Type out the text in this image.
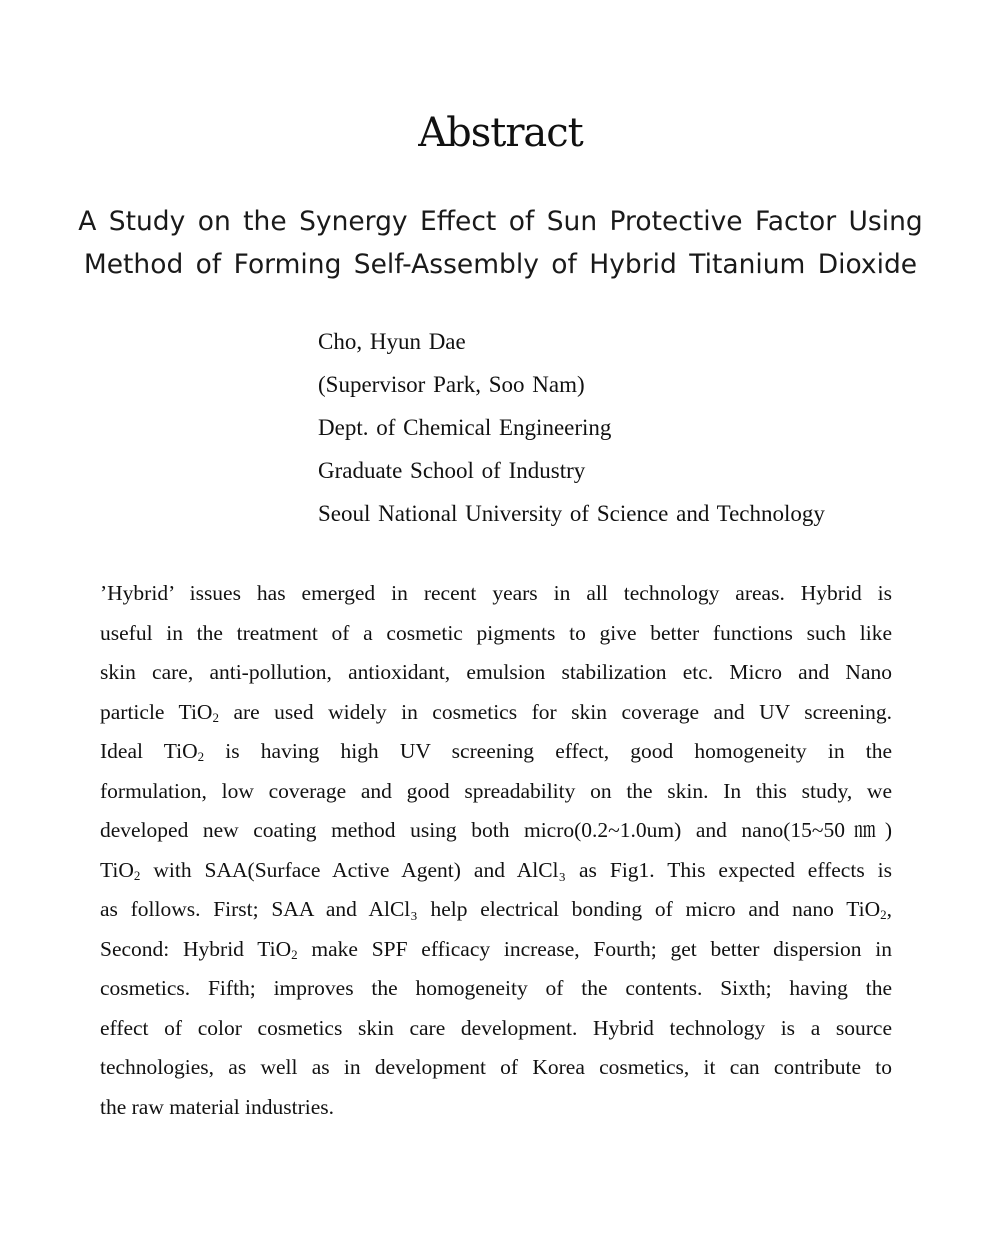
Abstract
A Study on the Synergy Effect of Sun Protective Factor Using
Method of Forming Self-Assembly of Hybrid Titanium Dioxide
Cho, Hyun Dae
(Supervisor Park, Soo Nam)
Dept. of Chemical Engineering
Graduate School of Industry
Seoul National University of Science and Technology
’Hybrid’ issues has emerged in recent years in all technology areas. Hybrid is
useful in the treatment of a cosmetic pigments to give better functions such like
skin care, anti-pollution, antioxidant, emulsion stabilization etc. Micro and Nano
particle TiO$_2$ are used widely in cosmetics for skin coverage and UV screening.
Ideal TiO$_2$ is having high UV screening effect, good homogeneity in the
formulation, low coverage and good spreadability on the skin. In this study, we
developed new coating method using both micro(0.2~1.0um) and nano(15~50㎚)
TiO$_2$ with SAA(Surface Active Agent) and AlCl₃ as Fig1. This expected effects is
as follows. First; SAA and AlCl₃ help electrical bonding of micro and nano TiO$_2$,
Second: Hybrid TiO$_2$ make SPF efficacy increase, Fourth; get better dispersion in
cosmetics. Fifth; improves the homogeneity of the contents. Sixth; having the
effect of color cosmetics skin care development. Hybrid technology is a source
technologies, as well as in development of Korea cosmetics, it can contribute to
the raw material industries.
